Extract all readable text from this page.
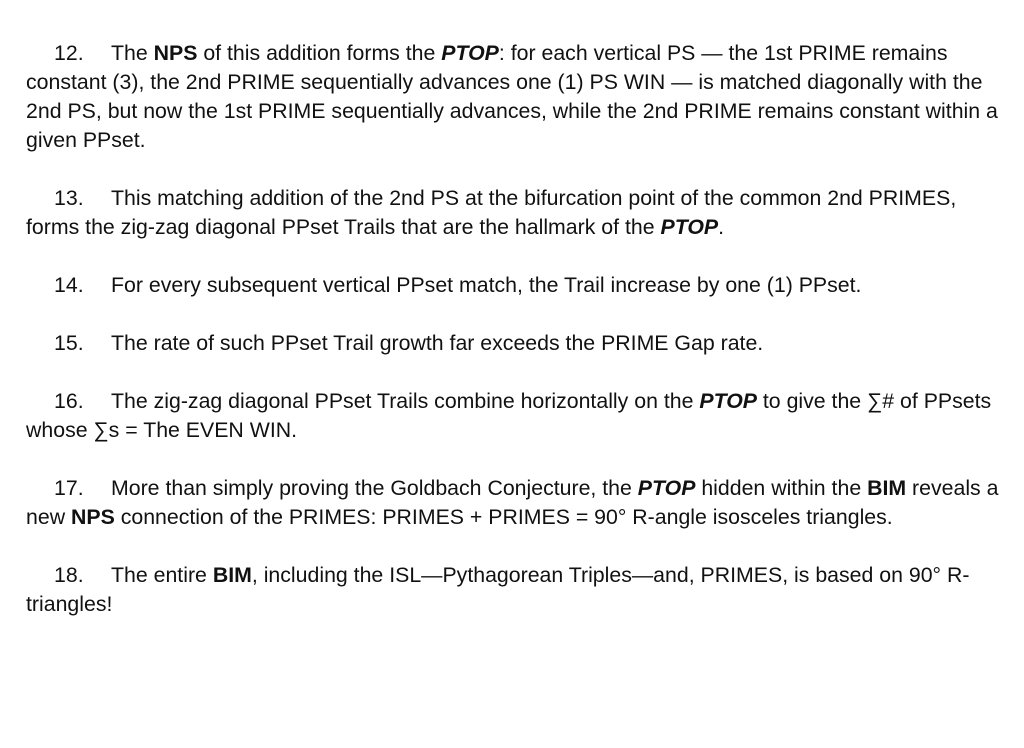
12. The NPS of this addition forms the PTOP: for each vertical PS — the 1st PRIME remains constant (3), the 2nd PRIME sequentially advances one (1) PS WIN — is matched diagonally with the 2nd PS, but now the 1st PRIME sequentially advances, while the 2nd PRIME remains constant within a given PPset.

13. This matching addition of the 2nd PS at the bifurcation point of the common 2nd PRIMES, forms the zig-zag diagonal PPset Trails that are the hallmark of the PTOP.

14. For every subsequent vertical PPset match, the Trail increase by one (1) PPset.

15. The rate of such PPset Trail growth far exceeds the PRIME Gap rate.

16. The zig-zag diagonal PPset Trails combine horizontally on the PTOP to give the ∑# of PPsets whose ∑s = The EVEN WIN.

17. More than simply proving the Goldbach Conjecture, the PTOP hidden within the BIM reveals a new NPS connection of the PRIMES: PRIMES + PRIMES = 90° R-angle isosceles triangles.

18. The entire BIM, including the ISL—Pythagorean Triples—and, PRIMES, is based on 90° R-triangles!
